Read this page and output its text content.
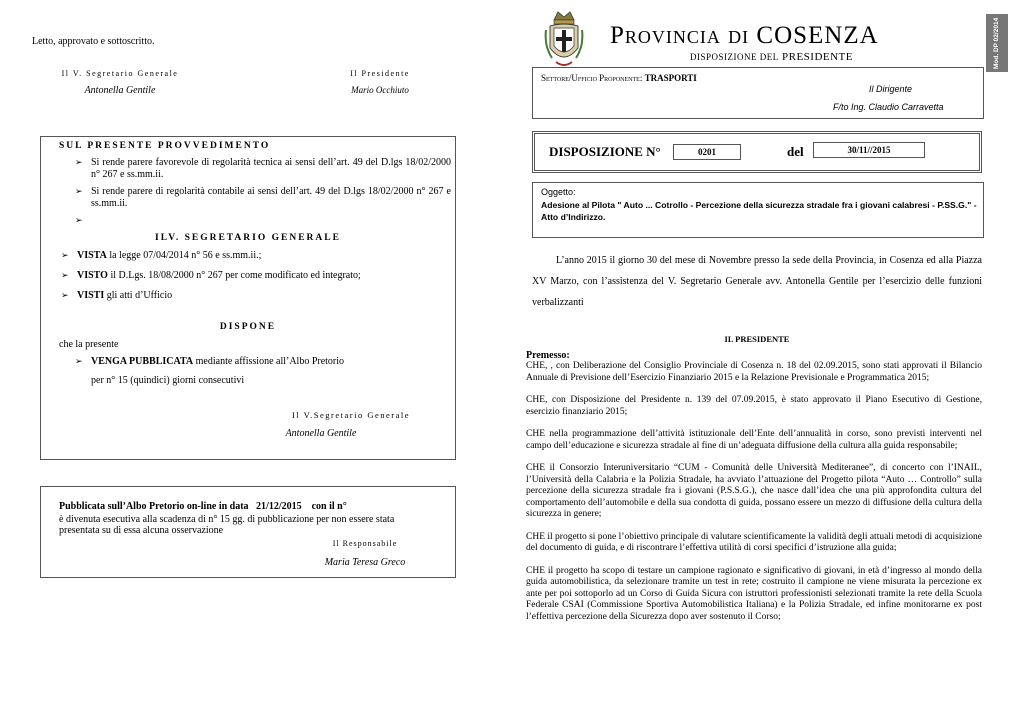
Letto, approvato e sottoscritto.
Il V. Segretario Generale
Antonella Gentile
Il Presidente
Mario Occhiuto
SUL PRESENTE PROVVEDIMENTO
➢ Si rende parere favorevole di regolarità tecnica ai sensi dell’art. 49 del D.lgs 18/02/2000 n° 267 e ss.mm.ii.
➢ Si rende parere di regolarità contabile ai sensi dell’art. 49 del D.lgs 18/02/2000 n° 267 e ss.mm.ii.
➢
ILV. SEGRETARIO GENERALE
➢ VISTA la legge 07/04/2014 n° 56 e ss.mm.ii.;
➢ VISTO il D.Lgs. 18/08/2000 n° 267 per come modificato ed integrato;
➢ VISTI gli atti d’Ufficio
DISPONE
che la presente
➢ VENGA PUBBLICATA mediante affissione all’Albo Pretorio
per n° 15 (quindici) giorni consecutivi
Il V.Segretario Generale
Antonella Gentile
Pubblicata sull’Albo Pretorio on-line in data   21/12/2015    con il n°
è divenuta esecutiva alla scadenza di n° 15 gg. di pubblicazione per non essere stata presentata su di essa alcuna osservazione
Il Responsabile
Maria Teresa Greco
Provincia di COSENZA
DISPOSIZIONE DEL PRESIDENTE	Mod. DP 02/2014
Settore/Ufficio Proponente: TRASPORTI
Il Dirigente
F/to Ing. Claudio Carravetta
DISPOSIZIONE N°	0201	del	30/11//2015
Oggetto:
Adesione al Pilota " Auto ... Cotrollo - Percezione della sicurezza stradale fra i giovani calabresi - P.SS.G." - Atto d’Indirizzo.
L’anno 2015 il giorno 30 del mese di Novembre presso la sede della Provincia, in Cosenza ed alla Piazza XV Marzo, con l’assistenza del V. Segretario Generale avv. Antonella Gentile per l’esercizio delle funzioni verbalizzanti
IL PRESIDENTE
Premesso:
CHE, , con Deliberazione del Consiglio Provinciale di Cosenza n. 18 del 02.09.2015, sono stati approvati il Bilancio Annuale di Previsione dell’Esercizio Finanziario 2015 e la Relazione Previsionale e Programmatica 2015;
CHE, con Disposizione del Presidente n. 139 del 07.09.2015, è stato approvato il Piano Esecutivo di Gestione, esercizio finanziario 2015;
CHE nella programmazione dell’attività istituzionale dell’Ente dell’annualità in corso, sono previsti interventi nel campo dell’educazione e sicurezza stradale al fine di un’adeguata diffusione della cultura alla guida responsabile;
CHE il Consorzio Interuniversitario “CUM - Comunità delle Università Mediteranee”, di concerto con l’INAIL, l’Università della Calabria e la Polizia Stradale, ha avviato l’attuazione del Progetto pilota “Auto … Controllo” sulla percezione della sicurezza stradale fra i giovani (P.S.S.G.), che nasce dall’idea che una più approfondita cultura del comportamento dell’automobile e della sua condotta di guida, possano essere un mezzo di diffusione della cultura della sicurezza in genere;
CHE il progetto si pone l’obiettivo principale di valutare scientificamente la validità degli attuali metodi di acquisizione del documento di guida, e di riscontrare l’effettiva utilità di corsi specifici d’istruzione alla guida;
CHE il progetto ha scopo di testare un campione ragionato e significativo di giovani, in età d’ingresso al mondo della guida automobilistica, da selezionare tramite un test in rete; costruito il campione ne viene misurata la percezione ex ante per poi sottoporlo ad un Corso di Guida Sicura con istruttori professionisti selezionati tramite la rete della Scuola Federale CSAI (Commissione Sportiva Automobilistica Italiana) e la Polizia Stradale, ed infine monitorarne ex post l’effettiva percezione della Sicurezza dopo aver sostenuto il Corso;
